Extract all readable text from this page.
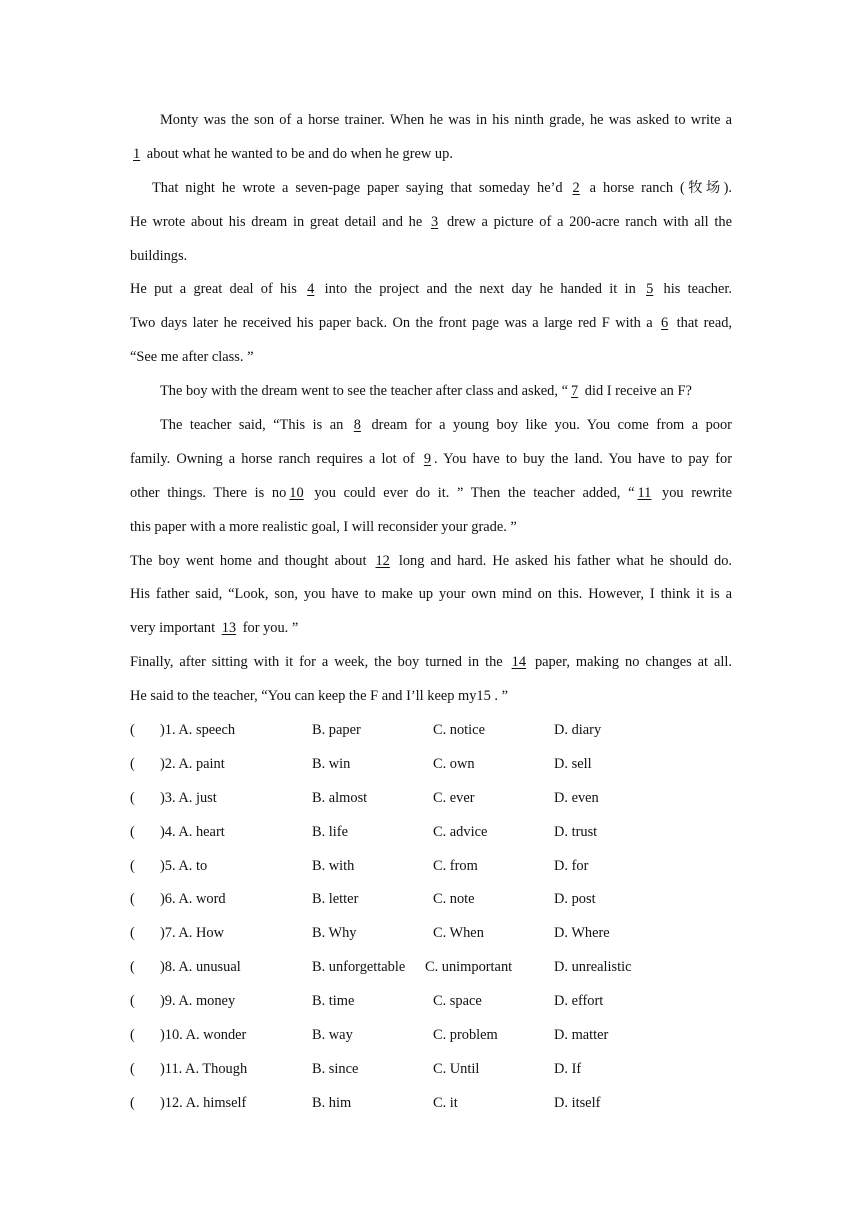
Monty was the son of a horse trainer. When he was in his ninth grade, he was asked to write a
1 about what he wanted to be and do when he grew up.
That night he wrote a seven-page paper saying that someday he’d 2 a horse ranch (牧场).
He wrote about his dream in great detail and he 3 drew a picture of a 200-acre ranch with all the
buildings.
He put a great deal of his 4 into the project and the next day he handed it in 5 his teacher.
Two days later he received his paper back. On the front page was a large red F with a 6 that read,
“See me after class. ”
The boy with the dream went to see the teacher after class and asked, “ 7 did I receive an F?
The teacher said, “This is an 8 dream for a young boy like you. You come from a poor
family. Owning a horse ranch requires a lot of 9 . You have to buy the land. You have to pay for
other things. There is no 10 you could ever do it. ” Then the teacher added, “ 11 you rewrite
this paper with a more realistic goal, I will reconsider your grade. ”
The boy went home and thought about 12 long and hard. He asked his father what he should do.
His father said, “Look, son, you have to make up your own mind on this. However, I think it is a
very important 13 for you. ”
Finally, after sitting with it for a week, the boy turned in the 14 paper, making no changes at all.
He said to the teacher, “You can keep the F and I’ll keep my15 . ”
(	)1. A. speech	B. paper	C. notice	D. diary
(	)2. A. paint	B. win	C. own	D. sell
(	)3. A. just	B. almost	C. ever	D. even
(	)4. A. heart	B. life	C. advice	D. trust
(	)5. A. to	B. with	C. from	D. for
(	)6. A. word	B. letter	C. note	D. post
(	)7. A. How	B. Why	C. When	D. Where
(	)8. A. unusual	B. unforgettable	C. unimportant	D. unrealistic
(	)9. A. money	B. time	C. space	D. effort
(	)10. A. wonder	B. way	C. problem	D. matter
(	)11. A. Though	B. since	C. Until	D. If
(	)12. A. himself	B. him	C. it	D. itself
